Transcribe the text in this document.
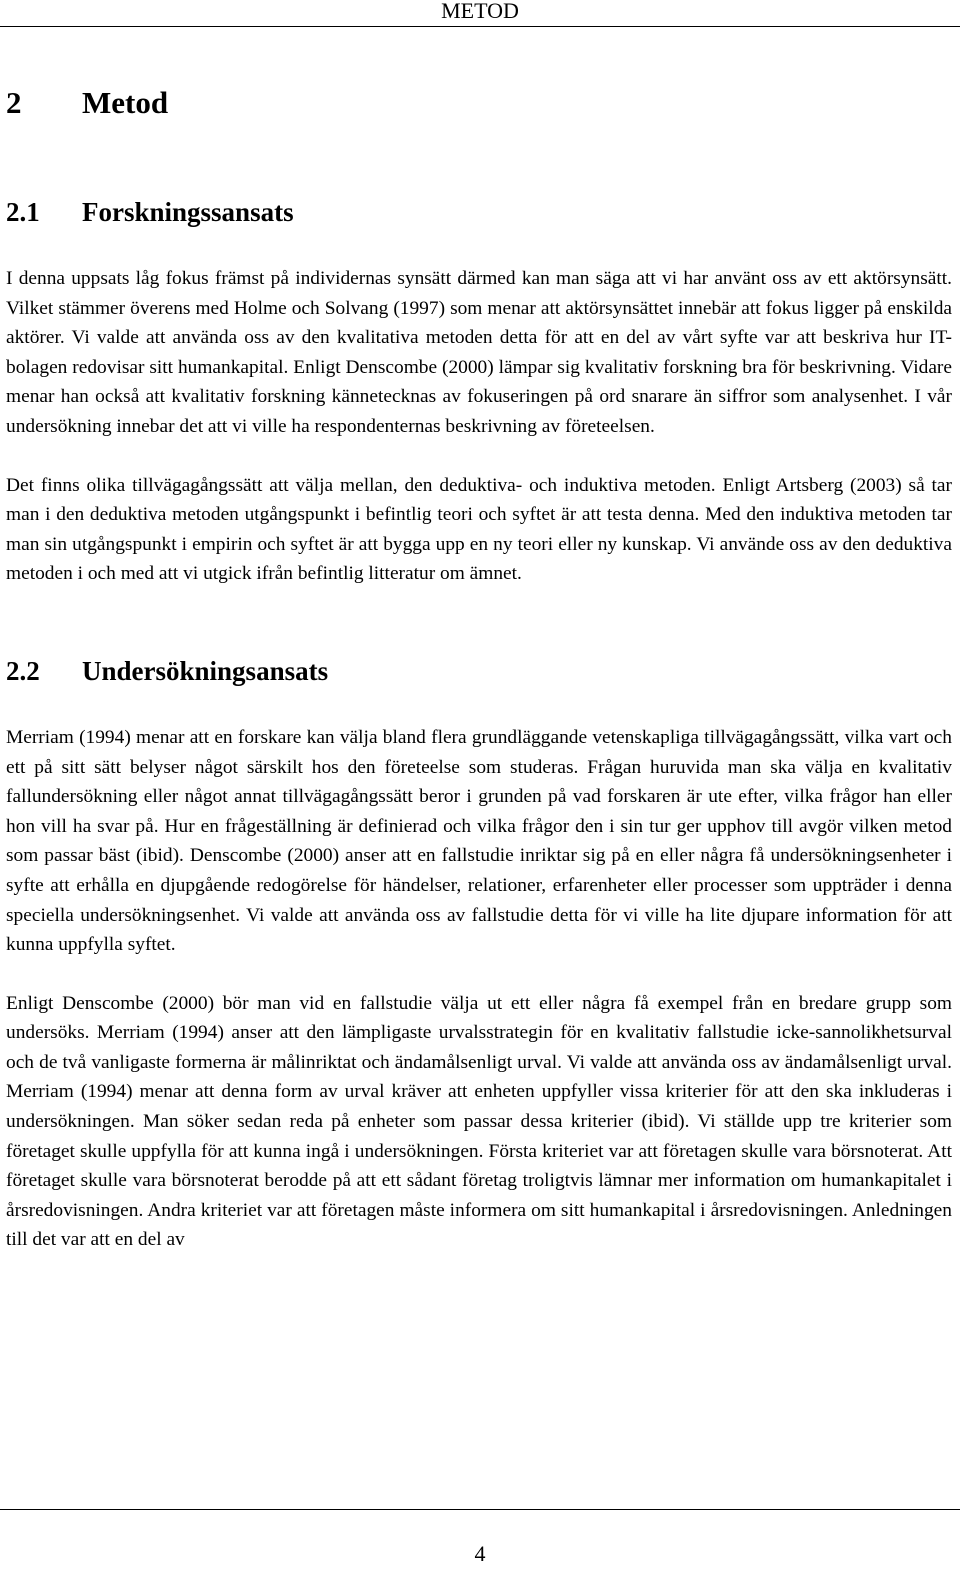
METOD
2	Metod
2.1	Forskningssansats

I denna uppsats låg fokus främst på individernas synsätt därmed kan man säga att vi har använt oss av ett aktörsynsätt. Vilket stämmer överens med Holme och Solvang (1997) som menar att aktörsynsättet innebär att fokus ligger på enskilda aktörer. Vi valde att använda oss av den kvalitativa metoden detta för att en del av vårt syfte var att beskriva hur IT-bolagen redovisar sitt humankapital. Enligt Denscombe (2000) lämpar sig kvalitativ forskning bra för beskrivning. Vidare menar han också att kvalitativ forskning kännetecknas av fokuseringen på ord snarare än siffror som analysenhet. I vår undersökning innebar det att vi ville ha respondenternas beskrivning av företeelsen.

Det finns olika tillvägagångssätt att välja mellan, den deduktiva- och induktiva metoden. Enligt Artsberg (2003) så tar man i den deduktiva metoden utgångspunkt i befintlig teori och syftet är att testa denna. Med den induktiva metoden tar man sin utgångspunkt i empirin och syftet är att bygga upp en ny teori eller ny kunskap. Vi använde oss av den deduktiva metoden i och med att vi utgick ifrån befintlig litteratur om ämnet.

2.2	Undersökningsansats

Merriam (1994) menar att en forskare kan välja bland flera grundläggande vetenskapliga tillvägagångssätt, vilka vart och ett på sitt sätt belyser något särskilt hos den företeelse som studeras. Frågan huruvida man ska välja en kvalitativ fallundersökning eller något annat tillvägagångssätt beror i grunden på vad forskaren är ute efter, vilka frågor han eller hon vill ha svar på. Hur en frågeställning är definierad och vilka frågor den i sin tur ger upphov till avgör vilken metod som passar bäst (ibid). Denscombe (2000) anser att en fallstudie inriktar sig på en eller några få undersökningsenheter i syfte att erhålla en djupgående redogörelse för händelser, relationer, erfarenheter eller processer som uppträder i denna speciella undersökningsenhet. Vi valde att använda oss av fallstudie detta för vi ville ha lite djupare information för att kunna uppfylla syftet.

Enligt Denscombe (2000) bör man vid en fallstudie välja ut ett eller några få exempel från en bredare grupp som undersöks. Merriam (1994) anser att den lämpligaste urvalsstrategin för en kvalitativ fallstudie icke-sannolikhetsurval och de två vanligaste formerna är målinriktat och ändamålsenligt urval. Vi valde att använda oss av ändamålsenligt urval. Merriam (1994) menar att denna form av urval kräver att enheten uppfyller vissa kriterier för att den ska inkluderas i undersökningen. Man söker sedan reda på enheter som passar dessa kriterier (ibid). Vi ställde upp tre kriterier som företaget skulle uppfylla för att kunna ingå i undersökningen. Första kriteriet var att företagen skulle vara börsnoterat. Att företaget skulle vara börsnoterat berodde på att ett sådant företag troligtvis lämnar mer information om humankapitalet i årsredovisningen. Andra kriteriet var att företagen måste informera om sitt humankapital i årsredovisningen. Anledningen till det var att en del av

4
